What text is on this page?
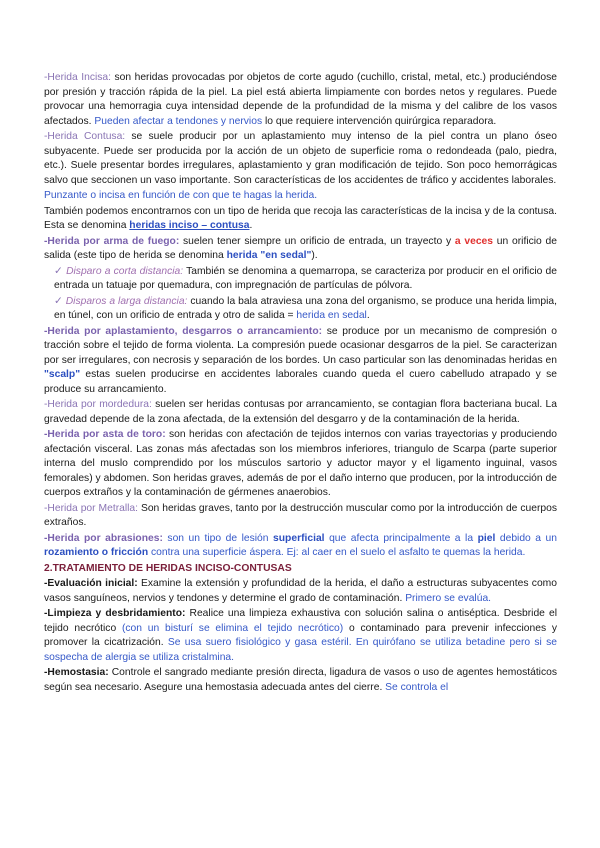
-Herida Incisa: son heridas provocadas por objetos de corte agudo (cuchillo, cristal, metal, etc.) produciéndose por presión y tracción rápida de la piel. La piel está abierta limpiamente con bordes netos y regulares. Puede provocar una hemorragia cuya intensidad depende de la profundidad de la misma y del calibre de los vasos afectados. Pueden afectar a tendones y nervios lo que requiere intervención quirúrgica reparadora.

-Herida Contusa: se suele producir por un aplastamiento muy intenso de la piel contra un plano óseo subyacente. Puede ser producida por la acción de un objeto de superficie roma o redondeada (palo, piedra, etc.). Suele presentar bordes irregulares, aplastamiento y gran modificación de tejido. Son poco hemorrágicas salvo que seccionen un vaso importante. Son características de los accidentes de tráfico y accidentes laborales.

Punzante o incisa en función de con que te hagas la herida.

También podemos encontrarnos con un tipo de herida que recoja las características de la incisa y de la contusa. Esta se denomina heridas inciso – contusa.

-Herida por arma de fuego: suelen tener siempre un orificio de entrada, un trayecto y a veces un orificio de salida (este tipo de herida se denomina herida "en sedal").

✓ Disparo a corta distancia: También se denomina a quemarropa, se caracteriza por producir en el orificio de entrada un tatuaje por quemadura, con impregnación de partículas de pólvora.

✓ Disparos a larga distancia: cuando la bala atraviesa una zona del organismo, se produce una herida limpia, en túnel, con un orificio de entrada y otro de salida = herida en sedal.

-Herida por aplastamiento, desgarros o arrancamiento: se produce por un mecanismo de compresión o tracción sobre el tejido de forma violenta. La compresión puede ocasionar desgarros de la piel. Se caracterizan por ser irregulares, con necrosis y separación de los bordes. Un caso particular son las denominadas heridas en "scalp" estas suelen producirse en accidentes laborales cuando queda el cuero cabelludo atrapado y se produce su arrancamiento.

-Herida por mordedura: suelen ser heridas contusas por arrancamiento, se contagian flora bacteriana bucal. La gravedad depende de la zona afectada, de la extensión del desgarro y de la contaminación de la herida.

-Herida por asta de toro: son heridas con afectación de tejidos internos con varias trayectorias y produciendo afectación visceral. Las zonas más afectadas son los miembros inferiores, triangulo de Scarpa (parte superior interna del muslo comprendido por los músculos sartorio y aductor mayor y el ligamento inguinal, vasos femorales) y abdomen. Son heridas graves, además de por el daño interno que producen, por la introducción de cuerpos extraños y la contaminación de gérmenes anaerobios.

-Herida por Metralla: Son heridas graves, tanto por la destrucción muscular como por la introducción de cuerpos extraños.

-Herida por abrasiones: son un tipo de lesión superficial que afecta principalmente a la piel debido a un rozamiento o fricción contra una superficie áspera. Ej: al caer en el suelo el asfalto te quemas la herida.

2.TRATAMIENTO DE HERIDAS INCISO-CONTUSAS

-Evaluación inicial: Examine la extensión y profundidad de la herida, el daño a estructuras subyacentes como vasos sanguíneos, nervios y tendones y determine el grado de contaminación. Primero se evalúa.

-Limpieza y desbridamiento: Realice una limpieza exhaustiva con solución salina o antiséptica. Desbride el tejido necrótico (con un bisturí se elimina el tejido necrótico) o contaminado para prevenir infecciones y promover la cicatrización. Se usa suero fisiológico y gasa estéril. En quirófano se utiliza betadine pero si se sospecha de alergia se utiliza cristalmina.

-Hemostasia: Controle el sangrado mediante presión directa, ligadura de vasos o uso de agentes hemostáticos según sea necesario. Asegure una hemostasia adecuada antes del cierre. Se controla el
